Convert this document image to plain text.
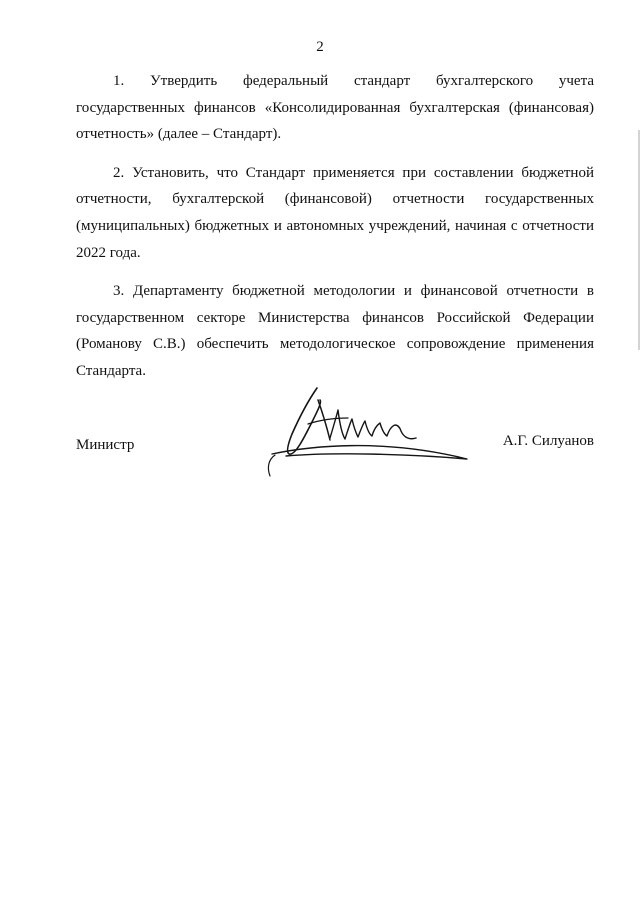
2

1. Утвердить федеральный стандарт бухгалтерского учета государственных финансов «Консолидированная бухгалтерская (финансовая) отчетность» (далее – Стандарт).

2. Установить, что Стандарт применяется при составлении бюджетной отчетности, бухгалтерской (финансовой) отчетности государственных (муниципальных) бюджетных и автономных учреждений, начиная с отчетности 2022 года.

3. Департаменту бюджетной методологии и финансовой отчетности в государственном секторе Министерства финансов Российской Федерации (Романову С.В.) обеспечить методологическое сопровождение применения Стандарта.

Министр	А.Г. Силуанов
